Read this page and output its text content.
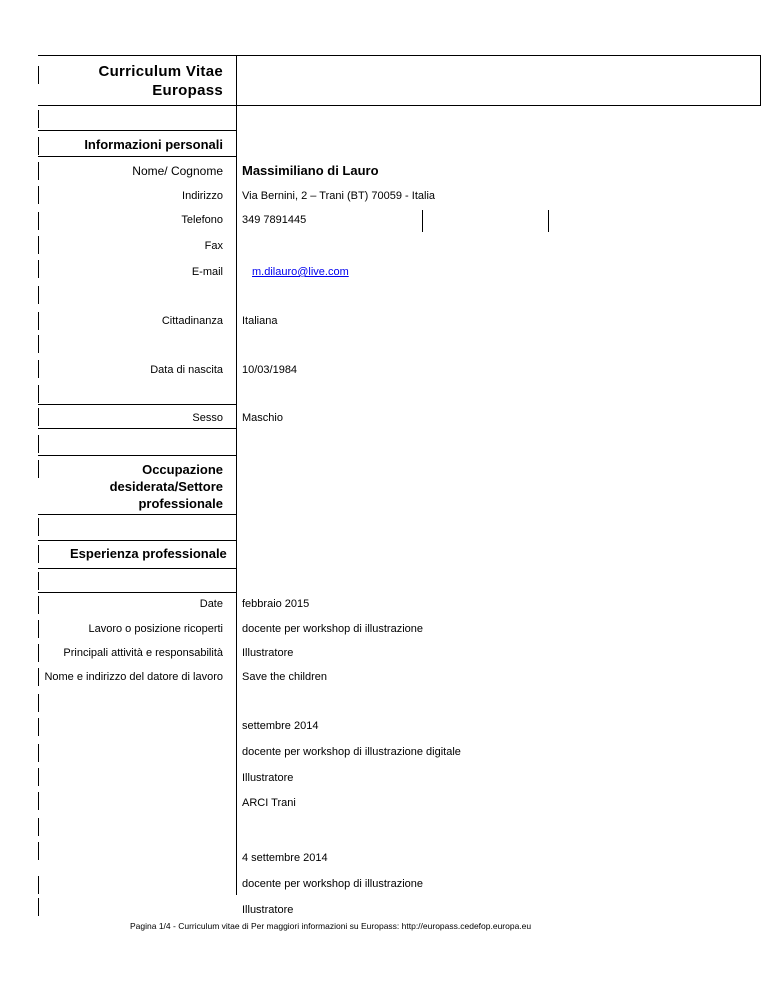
Curriculum Vitae
Europass
Informazioni personali
Nome/ Cognome Massimiliano di Lauro
Indirizzo Via Bernini, 2 – Trani (BT) 70059 - Italia
Telefono 349 7891445
Fax
E-mail	m.dilauro@live.com
Cittadinanza Italiana
Data di nascita 10/03/1984
Sesso Maschio
Occupazione
desiderata/Settore
professionale
Esperienza professionale
Date febbraio 2015
Lavoro o posizione ricoperti docente per workshop di illustrazione
Principali attività e responsabilità Illustratore
Nome e indirizzo del datore di lavoro Save the children
settembre 2014
docente per workshop di illustrazione digitale
Illustratore
ARCI Trani
4 settembre 2014
docente per workshop di illustrazione
Illustratore
Pagina 1/4 - Curriculum vitae di Per maggiori informazioni su Europass: http://europass.cedefop.europa.eu
